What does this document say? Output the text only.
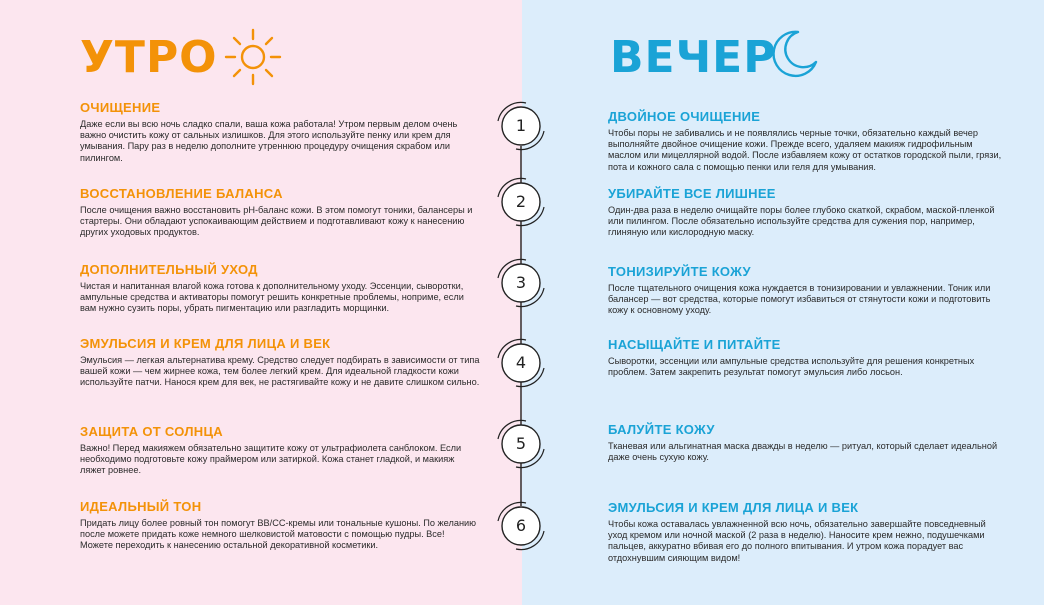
УТРО	ВЕЧЕР
ОЧИЩЕНИЕ
Даже если вы всю ночь сладко спали, ваша кожа работала! Утром первым делом очень важно очистить кожу от сальных излишков. Для этого используйте пенку или крем для умывания. Пару раз в неделю дополните утреннюю процедуру очищения скрабом или пилингом.
ВОССТАНОВЛЕНИЕ БАЛАНСА
После очищения важно восстановить pH-баланс кожи. В этом помогут тоники, балансеры и стартеры. Они обладают успокаивающим действием и подготавливают кожу к нанесению других уходовых продуктов.
ДОПОЛНИТЕЛЬНЫЙ УХОД
Чистая и напитанная влагой кожа готова к дополнительному уходу. Эссенции, сыворотки, ампульные средства и активаторы помогут решить конкретные проблемы, ноприме, если вам нужно сузить поры, убрать пигментацию или разгладить морщинки.
ЭМУЛЬСИЯ И КРЕМ ДЛЯ ЛИЦА И ВЕК
Эмульсия — легкая альтернатива крему. Средство следует подбирать в зависимости от типа вашей кожи — чем жирнее кожа, тем более легкий крем. Для идеальной гладкости кожи используйте патчи. Нанося крем для век, не растягивайте кожу и не давите слишком сильно.
ЗАЩИТА ОТ СОЛНЦА
Важно! Перед макияжем обязательно защитите кожу от ультрафиолета санблоком. Если необходимо подготовьте кожу праймером или затиркой. Кожа станет гладкой, и макияж ляжет ровнее.
ИДЕАЛЬНЫЙ ТОН
Придать лицу более ровный тон помогут BB/CC-кремы или тональные кушоны. По желанию после можете придать коже немного шелковистой матовости с помощью пудры. Все! Можете переходить к нанесению остальной декоративной косметики.
ДВОЙНОЕ ОЧИЩЕНИЕ
Чтобы поры не забивались и не появлялись черные точки, обязательно каждый вечер выполняйте двойное очищение кожи. Прежде всего, удаляем макияж гидрофильным маслом или мицеллярной водой. После избавляем кожу от остатков городской пыли, грязи, пота и кожного сала с помощью пенки или геля для умывания.
УБИРАЙТЕ ВСЕ ЛИШНЕЕ
Один-два раза в неделю очищайте поры более глубоко скаткой, скрабом, маской-пленкой или пилингом. После обязательно используйте средства для сужения пор, например, глиняную или кислородную маску.
ТОНИЗИРУЙТЕ КОЖУ
После тщательного очищения кожа нуждается в тонизировании и увлажнении. Тоник или балансер — вот средства, которые помогут избавиться от стянутости кожи и подготовить кожу к основному уходу.
НАСЫЩАЙТЕ И ПИТАЙТЕ
Сыворотки, эссенции или ампульные средства используйте для решения конкретных проблем. Затем закрепить результат помогут эмульсия либо лосьон.
БАЛУЙТЕ КОЖУ
Тканевая или альгинатная маска дважды в неделю — ритуал, который сделает идеальной даже очень сухую кожу.
ЭМУЛЬСИЯ И КРЕМ ДЛЯ ЛИЦА И ВЕК
Чтобы кожа оставалась увлажненной всю ночь, обязательно завершайте повседневный уход кремом или ночной маской (2 раза в неделю). Наносите крем нежно, подушечками пальцев, аккуратно вбивая его до полного впитывания. И утром кожа порадует вас отдохнувшим сияющим видом!
1
2
3
4
5
6
